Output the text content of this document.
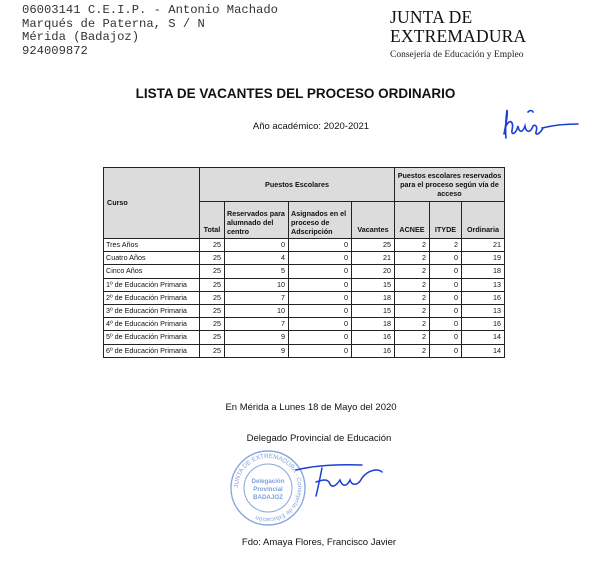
06003141 C.E.I.P. - Antonio Machado
Marqués de Paterna, S / N
Mérida (Badajoz)
924009872
JUNTA DE EXTREMADURA
Consejería de Educación y Empleo
LISTA DE VACANTES DEL PROCESO ORDINARIO
Año académico: 2020-2021
Curso	Puestos Escolares				Puestos escolares reservados para el proceso según vía de acceso		
	Total	Reservados para alumnado del centro	Asignados en el proceso de Adscripción	Vacantes	ACNEE	ITYDE	Ordinaria
Tres Años	25	0	0	25	2	2	21
Cuatro Años	25	4	0	21	2	0	19
Cinco Años	25	5	0	20	2	0	18
1º de Educación Primaria	25	10	0	15	2	0	13
2º de Educación Primaria	25	7	0	18	2	0	16
3º de Educación Primaria	25	10	0	15	2	0	13
4º de Educación Primaria	25	7	0	18	2	0	16
5º de Educación Primaria	25	9	0	16	2	0	14
6º de Educación Primaria	25	9	0	16	2	0	14
En Mérida a Lunes 18 de Mayo del 2020
Delegado Provincial de Educación
JUNTA DE EXTREMADURA · Consejería de Educación
Delegación
Provincial
BADAJOZ
Fdo: Amaya Flores, Francisco Javier
